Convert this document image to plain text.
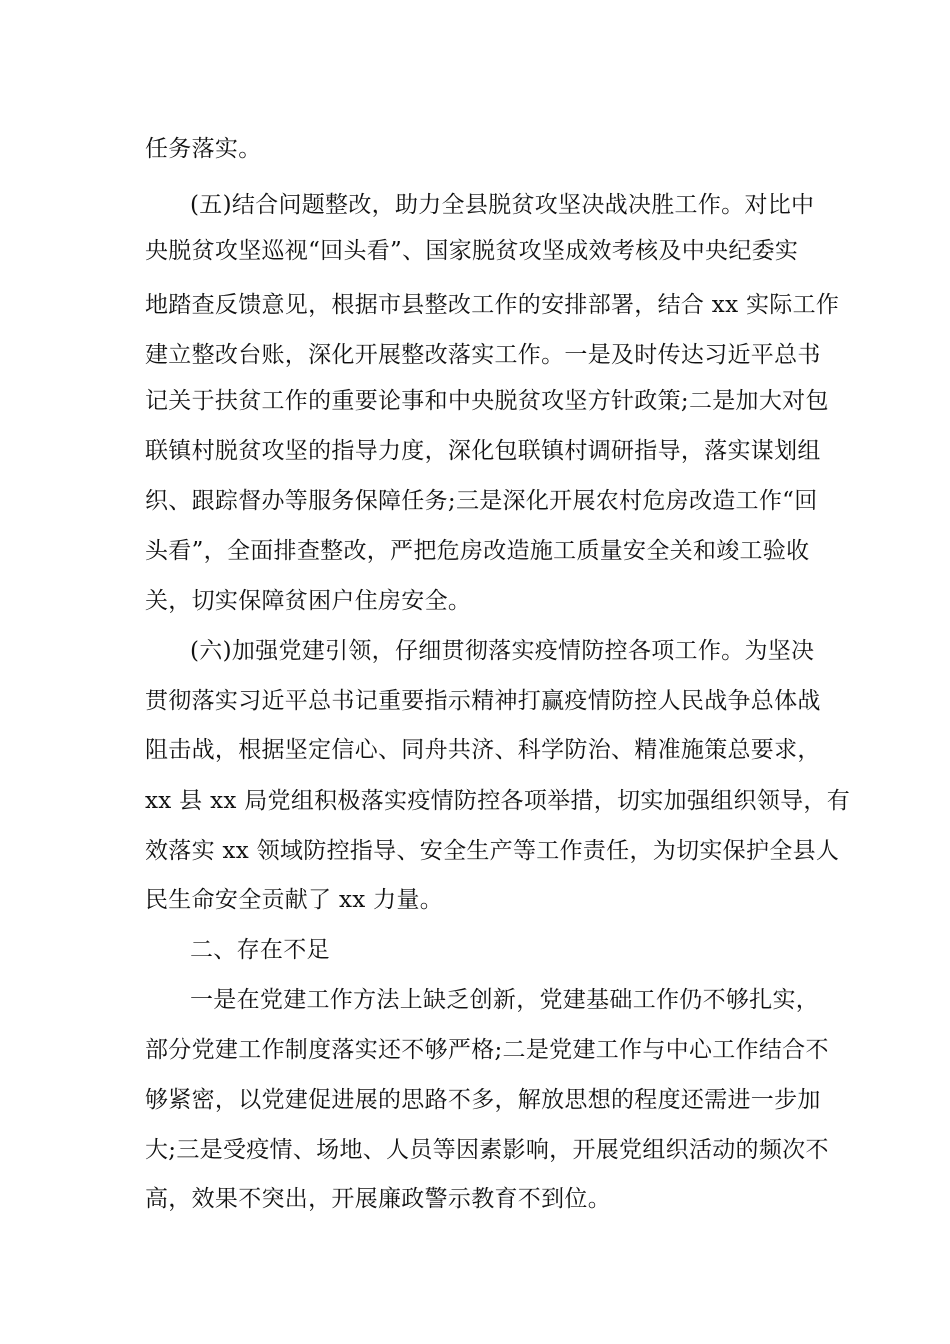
任务落实。
(五)结合问题整改，助力全县脱贫攻坚决战决胜工作。对比中
央脱贫攻坚巡视“回头看”、国家脱贫攻坚成效考核及中央纪委实
地踏查反馈意见，根据市县整改工作的安排部署，结合 xx 实际工作
建立整改台账，深化开展整改落实工作。一是及时传达习近平总书
记关于扶贫工作的重要论事和中央脱贫攻坚方针政策;二是加大对包
联镇村脱贫攻坚的指导力度，深化包联镇村调研指导，落实谋划组
织、跟踪督办等服务保障任务;三是深化开展农村危房改造工作“回
头看”，全面排查整改，严把危房改造施工质量安全关和竣工验收
关，切实保障贫困户住房安全。
(六)加强党建引领，仔细贯彻落实疫情防控各项工作。为坚决
贯彻落实习近平总书记重要指示精神打赢疫情防控人民战争总体战
阻击战，根据坚定信心、同舟共济、科学防治、精准施策总要求，
xx 县 xx 局党组积极落实疫情防控各项举措，切实加强组织领导，有
效落实 xx 领域防控指导、安全生产等工作责任，为切实保护全县人
民生命安全贡献了 xx 力量。
二、存在不足
一是在党建工作方法上缺乏创新，党建基础工作仍不够扎实，
部分党建工作制度落实还不够严格;二是党建工作与中心工作结合不
够紧密，以党建促进展的思路不多，解放思想的程度还需进一步加
大;三是受疫情、场地、人员等因素影响，开展党组织活动的频次不
高，效果不突出，开展廉政警示教育不到位。
